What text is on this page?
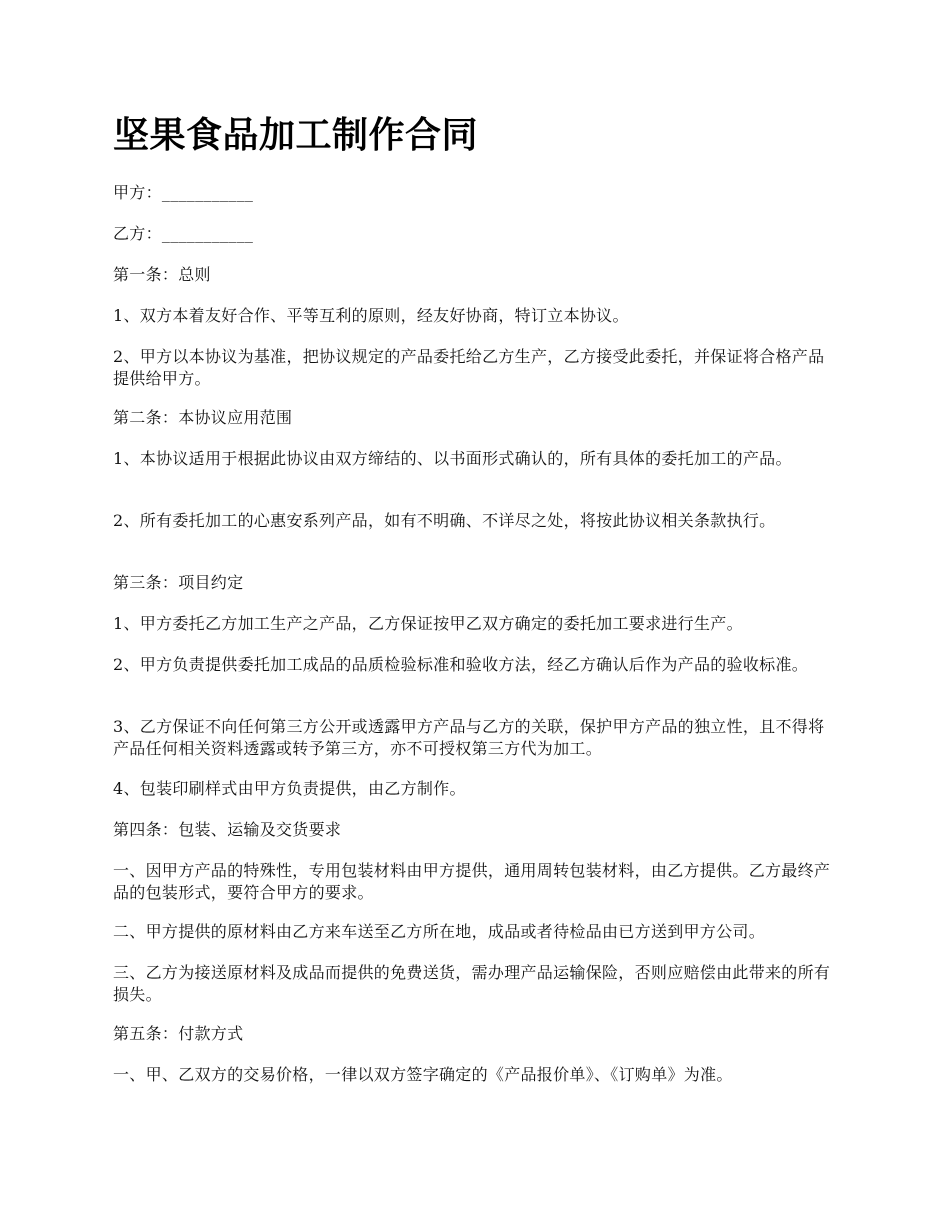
坚果食品加工制作合同

甲方：___________

乙方：___________

第一条：总则

1、双方本着友好合作、平等互利的原则，经友好协商，特订立本协议。

2、甲方以本协议为基准，把协议规定的产品委托给乙方生产，乙方接受此委托，并保证将合格产品提供给甲方。

第二条：本协议应用范围

1、本协议适用于根据此协议由双方缔结的、以书面形式确认的，所有具体的委托加工的产品。

2、所有委托加工的心惠安系列产品，如有不明确、不详尽之处，将按此协议相关条款执行。

第三条：项目约定

1、甲方委托乙方加工生产之产品，乙方保证按甲乙双方确定的委托加工要求进行生产。

2、甲方负责提供委托加工成品的品质检验标准和验收方法，经乙方确认后作为产品的验收标准。

3、乙方保证不向任何第三方公开或透露甲方产品与乙方的关联，保护甲方产品的独立性，且不得将产品任何相关资料透露或转予第三方，亦不可授权第三方代为加工。

4、包装印刷样式由甲方负责提供，由乙方制作。

第四条：包装、运输及交货要求

一、因甲方产品的特殊性，专用包装材料由甲方提供，通用周转包装材料，由乙方提供。乙方最终产品的包装形式，要符合甲方的要求。

二、甲方提供的原材料由乙方来车送至乙方所在地，成品或者待检品由已方送到甲方公司。

三、乙方为接送原材料及成品而提供的免费送货，需办理产品运输保险，否则应赔偿由此带来的所有损失。

第五条：付款方式

一、甲、乙双方的交易价格，一律以双方签字确定的《产品报价单》、《订购单》为准。
